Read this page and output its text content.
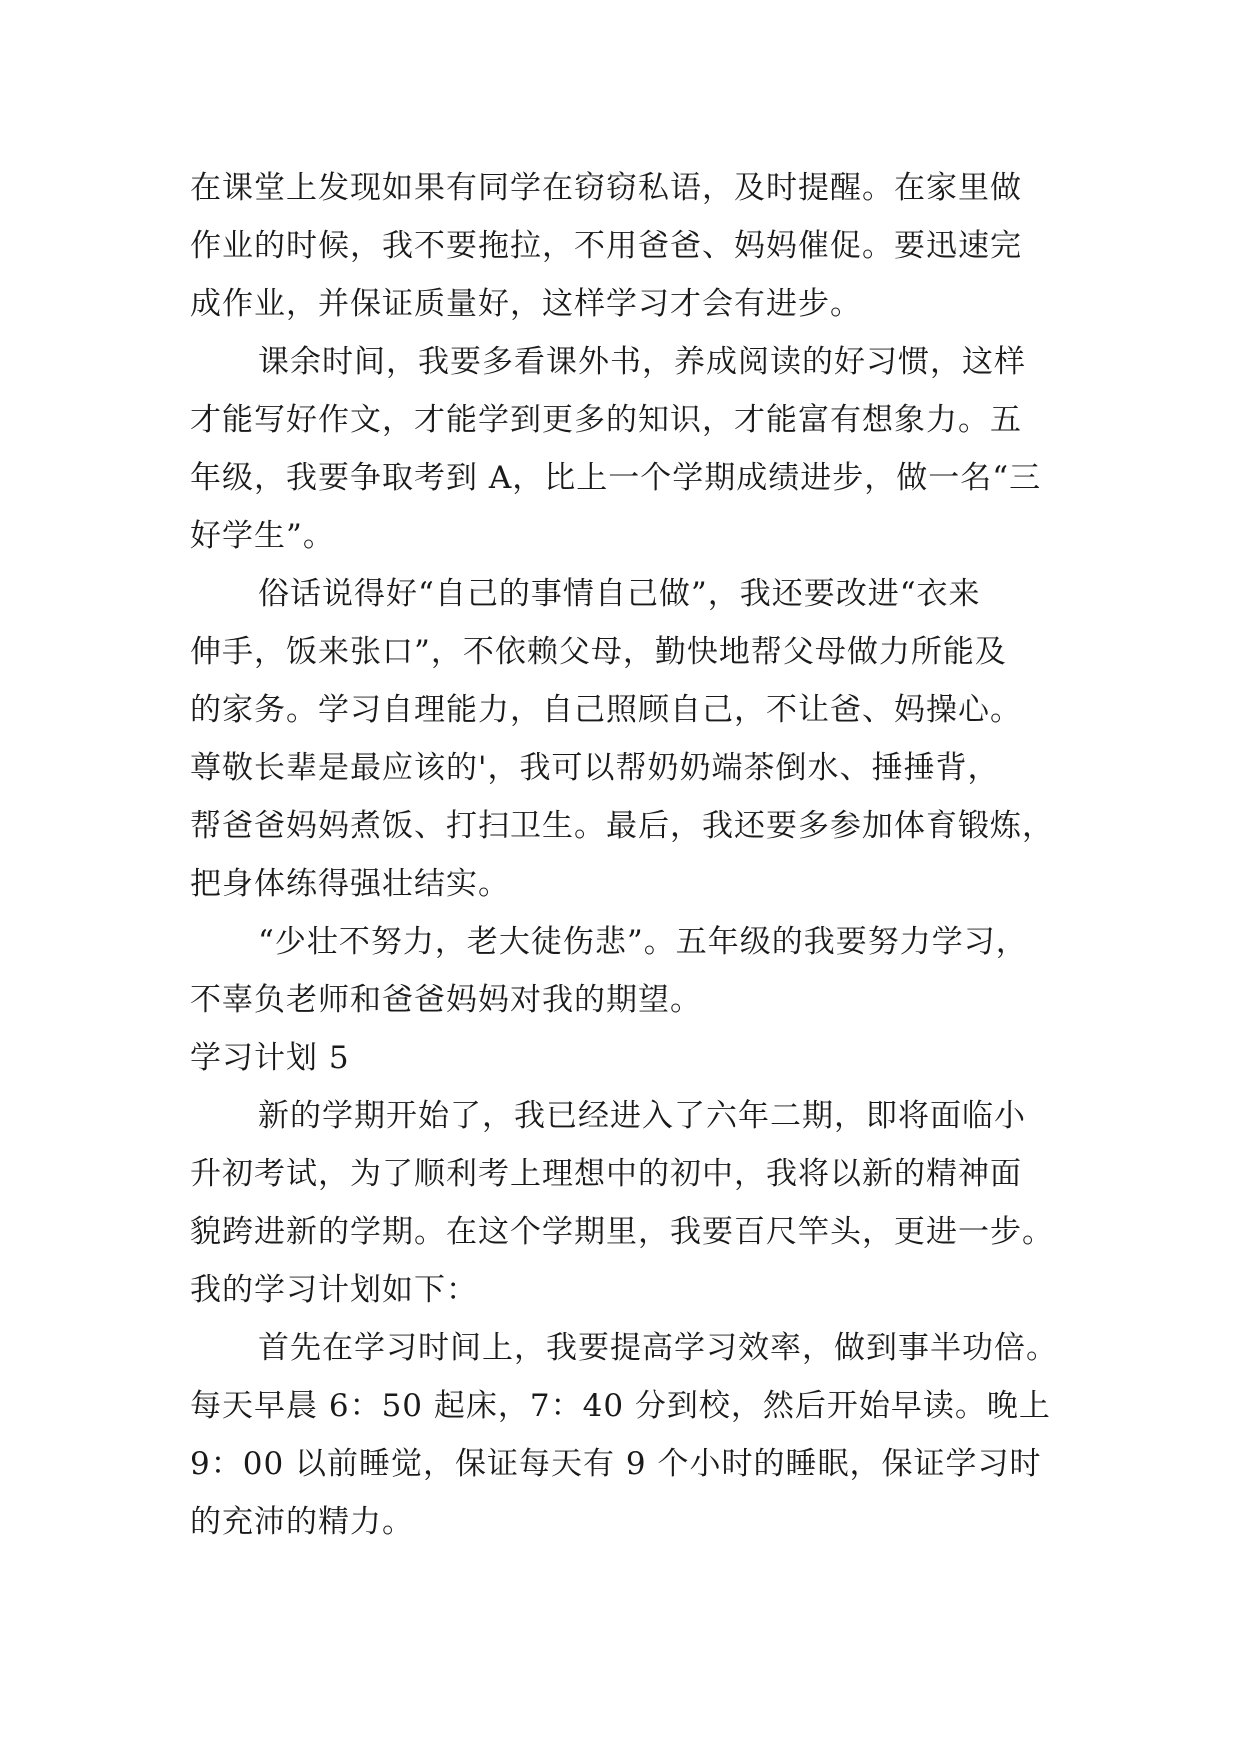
在课堂上发现如果有同学在窃窃私语，及时提醒。在家里做
作业的时候，我不要拖拉，不用爸爸、妈妈催促。要迅速完
成作业，并保证质量好，这样学习才会有进步。
课余时间，我要多看课外书，养成阅读的好习惯，这样
才能写好作文，才能学到更多的知识，才能富有想象力。五
年级，我要争取考到 A，比上一个学期成绩进步，做一名“三
好学生”。
俗话说得好“自己的事情自己做”，我还要改进“衣来
伸手，饭来张口”，不依赖父母，勤快地帮父母做力所能及
的家务。学习自理能力，自己照顾自己，不让爸、妈操心。
尊敬长辈是最应该的'，我可以帮奶奶端茶倒水、捶捶背，
帮爸爸妈妈煮饭、打扫卫生。最后，我还要多参加体育锻炼，
把身体练得强壮结实。
“少壮不努力，老大徒伤悲”。五年级的我要努力学习，
不辜负老师和爸爸妈妈对我的期望。
学习计划 5
新的学期开始了，我已经进入了六年二期，即将面临小
升初考试，为了顺利考上理想中的初中，我将以新的精神面
貌跨进新的学期。在这个学期里，我要百尺竿头，更进一步。
我的学习计划如下：
首先在学习时间上，我要提高学习效率，做到事半功倍。
每天早晨 6：50 起床，7：40 分到校，然后开始早读。晚上
9：00 以前睡觉，保证每天有 9 个小时的睡眠，保证学习时
的充沛的精力。
